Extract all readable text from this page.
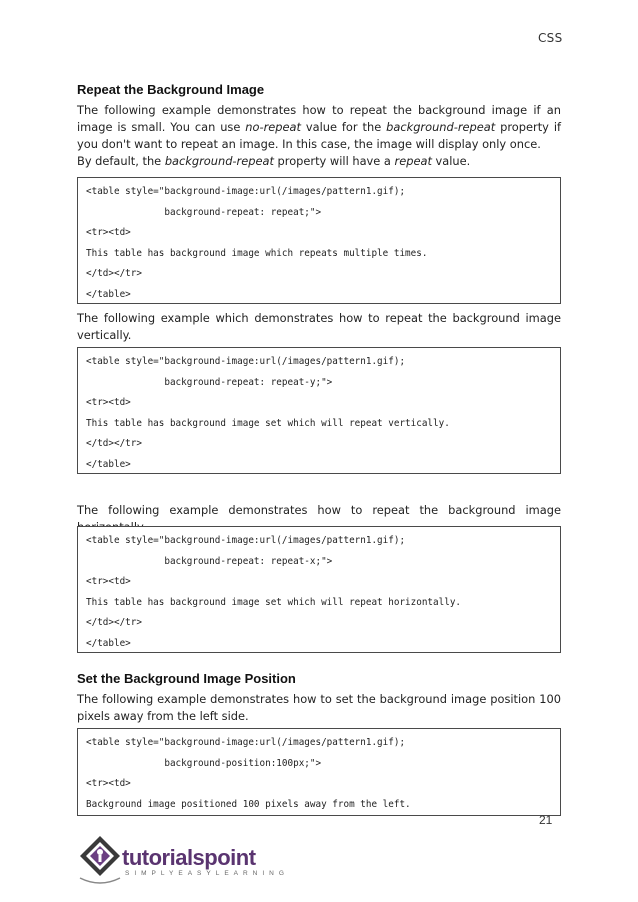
CSS
Repeat the Background Image
The following example demonstrates how to repeat the background image if an image is small. You can use no-repeat value for the background-repeat property if you don't want to repeat an image. In this case, the image will display only once.
By default, the background-repeat property will have a repeat value.
<table style="background-image:url(/images/pattern1.gif);
background-repeat: repeat;">
<tr><td>
This table has background image which repeats multiple times.
</td></tr>
</table>
The following example which demonstrates how to repeat the background image vertically.
<table style="background-image:url(/images/pattern1.gif);
background-repeat: repeat-y;">
<tr><td>
This table has background image set which will repeat vertically.
</td></tr>
</table>
The following example demonstrates how to repeat the background image
<table style="background-image:url(/images/pattern1.gif);
background-repeat: repeat-x;">
<tr><td>
This table has background image set which will repeat horizontally.
</td></tr>
</table>
Set the Background Image Position
The following example demonstrates how to set the background image position 100 pixels away from the left side.
<table style="background-image:url(/images/pattern1.gif);
background-position:100px;">
<tr><td>
Background image positioned 100 pixels away from the left.
21
tutorialspoint
SIMPLYEASYLEARNING
